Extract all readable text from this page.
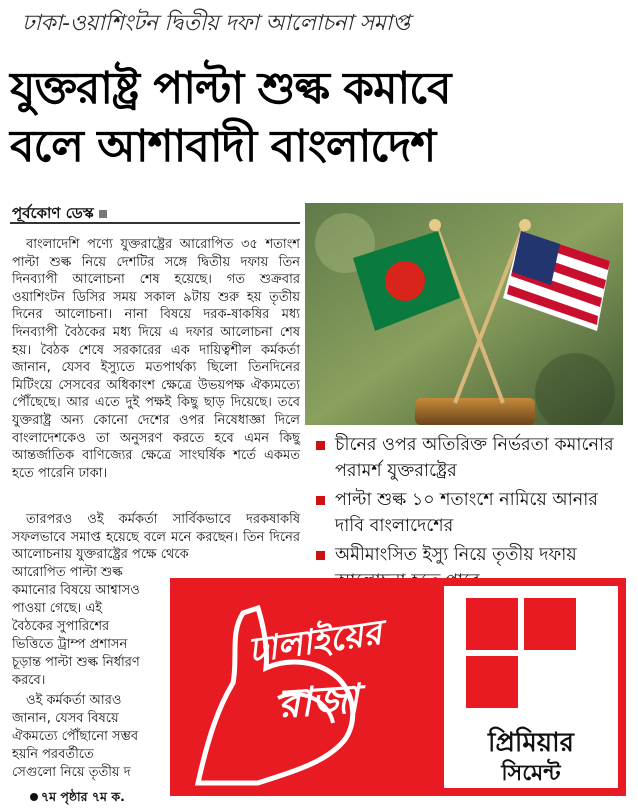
ঢাকা-ওয়াশিংটন দ্বিতীয় দফা আলোচনা সমাপ্ত
যুক্তরাষ্ট্র পাল্টা শুল্ক কমাবে
বলে আশাবাদী বাংলাদেশ
পূর্বকোণ ডেস্ক

বাংলাদেশি পণ্যে যুক্তরাষ্ট্রের আরোপিত ৩৫ শতাংশ পাল্টা শুল্ক নিয়ে দেশটির সঙ্গে দ্বিতীয় দফায় তিন দিনব্যাপী আলোচনা শেষ হয়েছে। গত শুক্রবার ওয়াশিংটন ডিসির সময় সকাল ৯টায় শুরু হয় তৃতীয় দিনের আলোচনা। নানা বিষয়ে দরক-ষাকষির মধ্য দিনব্যাপী বৈঠকের মধ্য দিয়ে এ দফার আলোচনা শেষ হয়। বৈঠক শেষে সরকারের এক দায়িত্বশীল কর্মকর্তা জানান, যেসব ইস্যুতে মতপার্থক্য ছিলো তিনদিনের মিটিংয়ে সেসবের অধিকাংশ ক্ষেত্রে উভয়পক্ষ ঐক্যমত্যে পৌঁছেছে। আর এতে দুই পক্ষই কিছু ছাড় দিয়েছে। তবে যুক্তরাষ্ট্র অন্য কোনো দেশের ওপর নিষেধাজ্ঞা দিলে বাংলাদেশকেও তা অনুসরণ করতে হবে এমন কিছু আন্তর্জাতিক বাণিজ্যের ক্ষেত্রে সাংঘর্ষিক শর্তে একমত হতে পারেনি ঢাকা।

তারপরও ওই কর্মকর্তা সার্বিকভাবে দরকষাকষি সফলভাবে সমাপ্ত হয়েছে বলে মনে করছেন। তিন দিনের আলোচনায় যুক্তরাষ্ট্রের পক্ষে থেকে

আরোপিত পাল্টা শুল্ক কমানোর বিষয়ে আশ্বাসও পাওয়া গেছে। এই বৈঠকের সুপারিশের ভিত্তিতে ট্রাম্প প্রশাসন চূড়ান্ত পাল্টা শুল্ক নির্ধারণ করবে।

ওই কর্মকর্তা আরও জানান, যেসব বিষয়ে ঐকমত্যে পৌঁছানো সম্ভব হয়নি পরবর্তীতে সেগুলো নিয়ে তৃতীয় দ

৭ম পৃষ্ঠার ৭ম ক.
চীনের ওপর অতিরিক্ত নির্ভরতা কমানোর পরামর্শ যুক্তরাষ্ট্রের
পাল্টা শুল্ক ১০ শতাংশে নামিয়ে আনার দাবি বাংলাদেশের
অমীমাংসিত ইস্যু নিয়ে তৃতীয় দফায়
ঢালাইয়ের
রাজা
প্রিমিয়ার
সিমেন্ট
